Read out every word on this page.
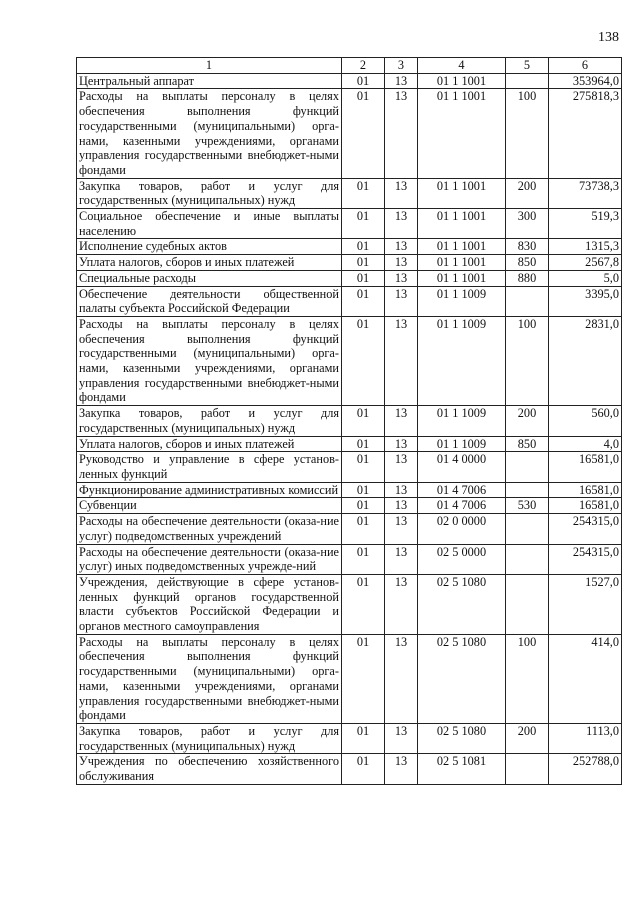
138
1	2	3	4	5	6
Центральный аппарат	01	13	01 1 1001		353964,0
Расходы на выплаты персоналу в целях обеспечения выполнения функций государственными (муниципальными) орга-нами, казенными учреждениями, органами управления государственными внебюджет-ными фондами	01	13	01 1 1001	100	275818,3
Закупка товаров, работ и услуг для государственных (муниципальных) нужд	01	13	01 1 1001	200	73738,3
Социальное обеспечение и иные выплаты населению	01	13	01 1 1001	300	519,3
Исполнение судебных актов	01	13	01 1 1001	830	1315,3
Уплата налогов, сборов и иных платежей	01	13	01 1 1001	850	2567,8
Специальные расходы	01	13	01 1 1001	880	5,0
Обеспечение деятельности общественной палаты субъекта Российской Федерации	01	13	01 1 1009		3395,0
Расходы на выплаты персоналу в целях обеспечения выполнения функций государственными (муниципальными) орга-нами, казенными учреждениями, органами управления государственными внебюджет-ными фондами	01	13	01 1 1009	100	2831,0
Закупка товаров, работ и услуг для государственных (муниципальных) нужд	01	13	01 1 1009	200	560,0
Уплата налогов, сборов и иных платежей	01	13	01 1 1009	850	4,0
Руководство и управление в сфере установ-ленных функций	01	13	01 4 0000		16581,0
Функционирование административных комиссий	01	13	01 4 7006		16581,0
Субвенции	01	13	01 4 7006	530	16581,0
Расходы на обеспечение деятельности (оказа-ние услуг) подведомственных учреждений	01	13	02 0 0000		254315,0
Расходы на обеспечение деятельности (оказа-ние услуг) иных подведомственных учрежде-ний	01	13	02 5 0000		254315,0
Учреждения, действующие в сфере установ-ленных функций органов государственной власти субъектов Российской Федерации и органов местного самоуправления	01	13	02 5 1080		1527,0
Расходы на выплаты персоналу в целях обеспечения выполнения функций государственными (муниципальными) орга-нами, казенными учреждениями, органами управления государственными внебюджет-ными фондами	01	13	02 5 1080	100	414,0
Закупка товаров, работ и услуг для государственных (муниципальных) нужд	01	13	02 5 1080	200	1113,0
Учреждения по обеспечению хозяйственного обслуживания	01	13	02 5 1081		252788,0
